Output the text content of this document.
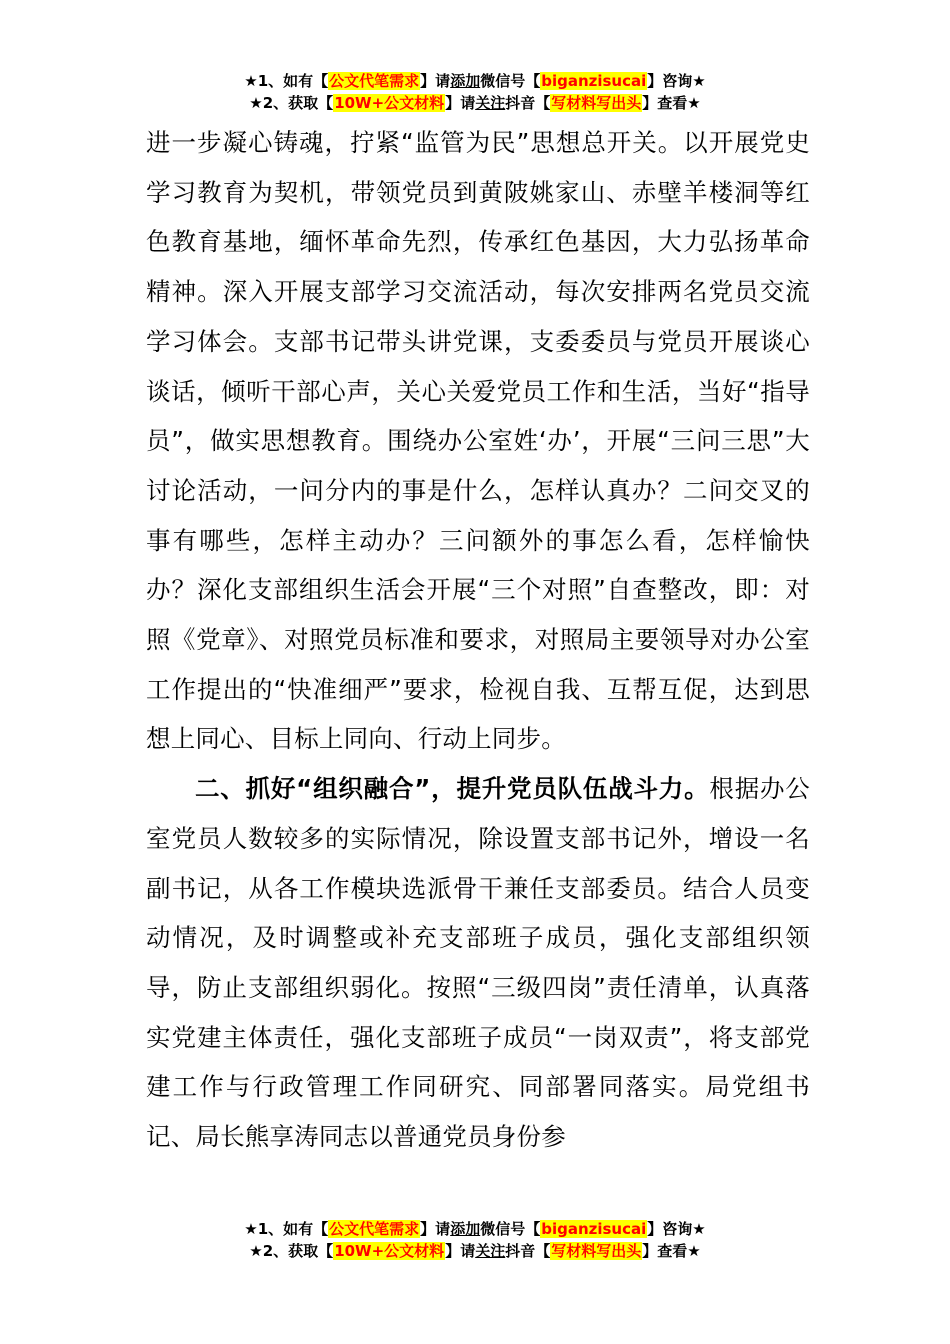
★1、如有【公文代笔需求】请添加微信号【biganzisucai】咨询★
★2、获取【10W+公文材料】请关注抖音【写材料写出头】查看★

进一步凝心铸魂，拧紧“监管为民”思想总开关。以开展党史学习教育为契机，带领党员到黄陂姚家山、赤壁羊楼洞等红色教育基地，缅怀革命先烈，传承红色基因，大力弘扬革命精神。深入开展支部学习交流活动，每次安排两名党员交流学习体会。支部书记带头讲党课，支委委员与党员开展谈心谈话，倾听干部心声，关心关爱党员工作和生活，当好“指导员”，做实思想教育。围绕办公室姓‘办’，开展“三问三思”大讨论活动，一问分内的事是什么，怎样认真办？二问交叉的事有哪些，怎样主动办？三问额外的事怎么看，怎样愉快办？深化支部组织生活会开展“三个对照”自查整改，即：对照《党章》、对照党员标准和要求，对照局主要领导对办公室工作提出的“快准细严”要求，检视自我、互帮互促，达到思想上同心、目标上同向、行动上同步。

二、抓好“组织融合”，提升党员队伍战斗力。根据办公室党员人数较多的实际情况，除设置支部书记外，增设一名副书记，从各工作模块选派骨干兼任支部委员。结合人员变动情况，及时调整或补充支部班子成员，强化支部组织领导，防止支部组织弱化。按照“三级四岗”责任清单，认真落实党建主体责任，强化支部班子成员“一岗双责”，将支部党建工作与行政管理工作同研究、同部署同落实。局党组书记、局长熊享涛同志以普通党员身份参

★1、如有【公文代笔需求】请添加微信号【biganzisucai】咨询★
★2、获取【10W+公文材料】请关注抖音【写材料写出头】查看★
